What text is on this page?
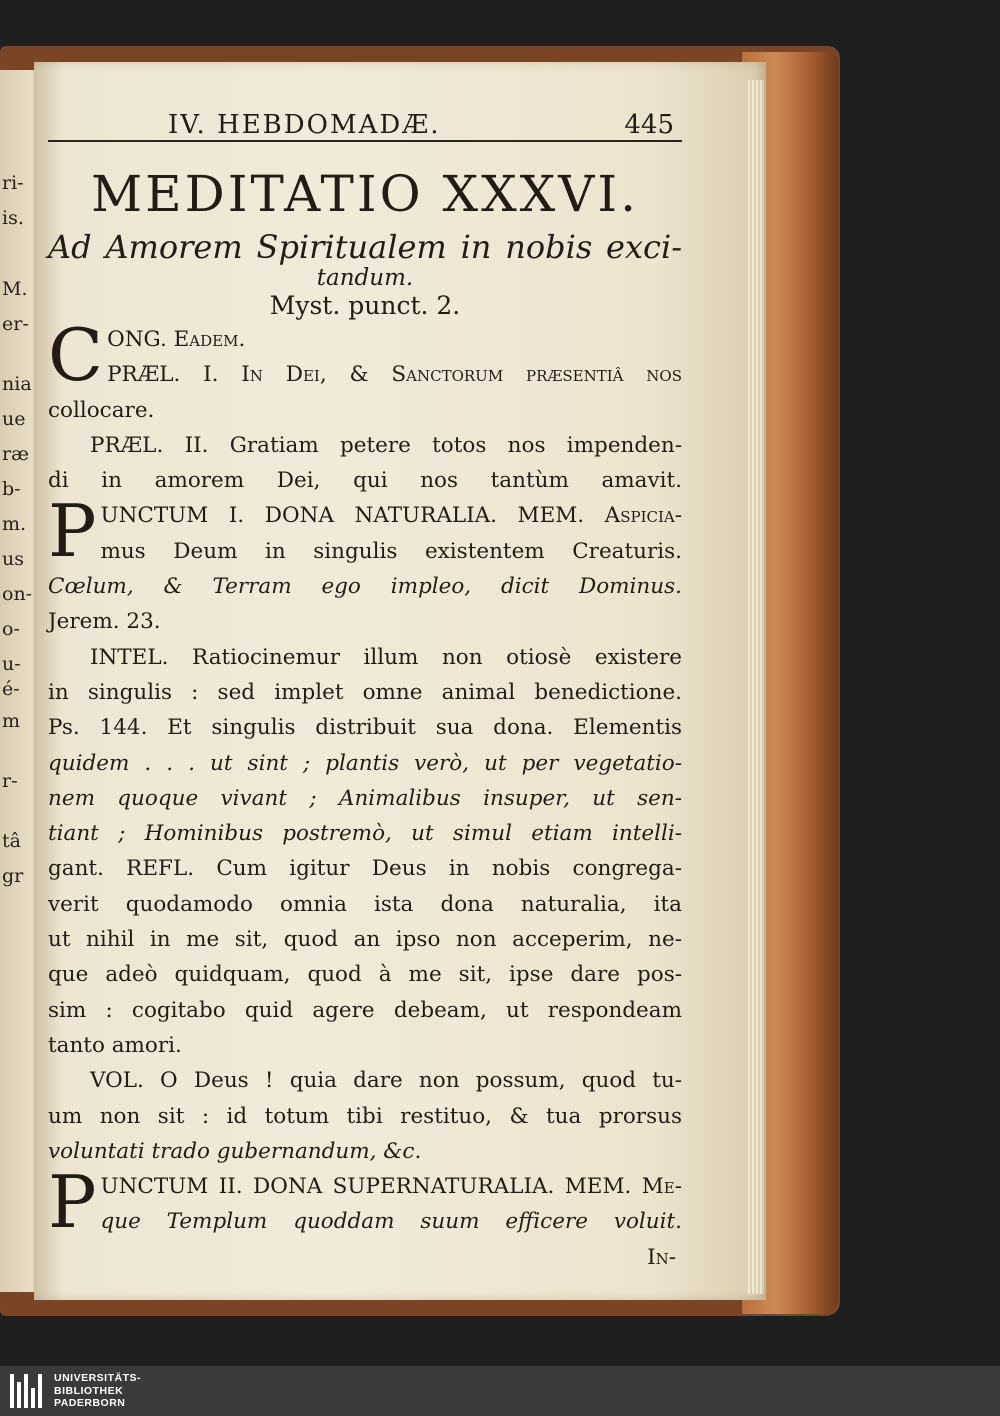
ri-
is.
M.
er-
nia
ue
ræ
b-
m.
us
on-
o-
u-
é-
m
r-
tâ
gr
IV. HEBDOMADÆ.	445
MEDITATIO XXXVI.
Ad Amorem Spiritualem in nobis exci-
tandum.
Myst. punct. 2.
C ONG. Eadem.
PRÆL. I. In Dei, & Sanctorum præsentiâ nos
collocare.
PRÆL. II. Gratiam petere totos nos impenden-
di in amorem Dei, qui nos tantùm amavit.
P UNCTUM I. DONA NATURALIA. MEM. Aspicia-
mus Deum in singulis existentem Creaturis.
Cœlum, & Terram ego impleo, dicit Dominus.
Jerem. 23.
INTEL. Ratiocinemur illum non otiosè existere
in singulis : sed implet omne animal benedictione.
Ps. 144. Et singulis distribuit sua dona. Elementis
quidem . . . ut sint ; plantis verò, ut per vegetatio-
nem quoque vivant ; Animalibus insuper, ut sen-
tiant ; Hominibus postremò, ut simul etiam intelli-
gant. REFL. Cum igitur Deus in nobis congrega-
verit quodamodo omnia ista dona naturalia, ita
ut nihil in me sit, quod an ipso non acceperim, ne-
que adeò quidquam, quod à me sit, ipse dare pos-
sim : cogitabo quid agere debeam, ut respondeam
tanto amori.
VOL. O Deus ! quia dare non possum, quod tu-
um non sit : id totum tibi restituo, & tua prorsus
voluntati trado gubernandum, &c.
P UNCTUM II. DONA SUPERNATURALIA. MEM. Me-
que Templum quoddam suum efficere voluit.
In-
UNIVERSITÄTS-
BIBLIOTHEK
PADERBORN
